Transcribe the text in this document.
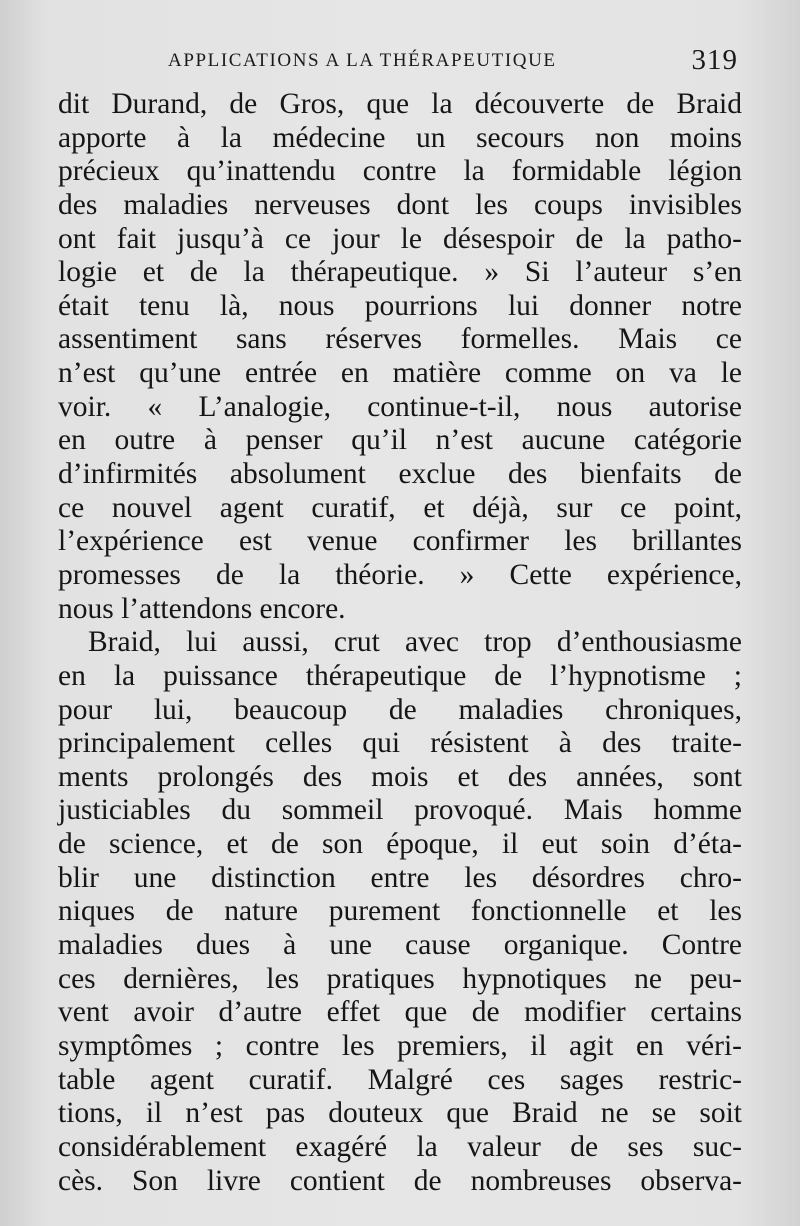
APPLICATIONS A LA THÉRAPEUTIQUE	319
dit Durand, de Gros, que la découverte de Braid
apporte à la médecine un secours non moins
précieux qu’inattendu contre la formidable légion
des maladies nerveuses dont les coups invisibles
ont fait jusqu’à ce jour le désespoir de la patho-
logie et de la thérapeutique. » Si l’auteur s’en
était tenu là, nous pourrions lui donner notre
assentiment sans réserves formelles. Mais ce
n’est qu’une entrée en matière comme on va le
voir. « L’analogie, continue-t-il, nous autorise
en outre à penser qu’il n’est aucune catégorie
d’infirmités absolument exclue des bienfaits de
ce nouvel agent curatif, et déjà, sur ce point,
l’expérience est venue confirmer les brillantes
promesses de la théorie. » Cette expérience,
nous l’attendons encore.
Braid, lui aussi, crut avec trop d’enthousiasme
en la puissance thérapeutique de l’hypnotisme ;
pour lui, beaucoup de maladies chroniques,
principalement celles qui résistent à des traite-
ments prolongés des mois et des années, sont
justiciables du sommeil provoqué. Mais homme
de science, et de son époque, il eut soin d’éta-
blir une distinction entre les désordres chro-
niques de nature purement fonctionnelle et les
maladies dues à une cause organique. Contre
ces dernières, les pratiques hypnotiques ne peu-
vent avoir d’autre effet que de modifier certains
symptômes ; contre les premiers, il agit en véri-
table agent curatif. Malgré ces sages restric-
tions, il n’est pas douteux que Braid ne se soit
considérablement exagéré la valeur de ses suc-
cès. Son livre contient de nombreuses observa-
